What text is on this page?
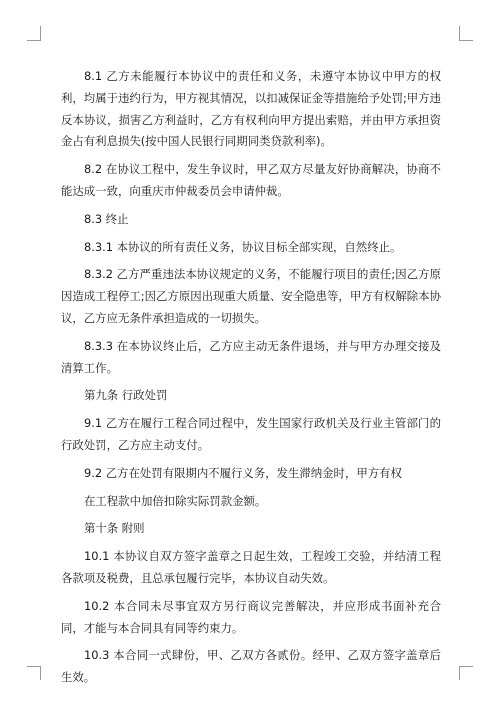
8.1 乙方未能履行本协议中的责任和义务，未遵守本协议中甲方的权利，均属于违约行为，甲方视其情况，以扣减保证金等措施给予处罚;甲方违反本协议，损害乙方利益时，乙方有权利向甲方提出索赔，并由甲方承担资金占有利息损失(按中国人民银行同期同类贷款利率)。

8.2 在协议工程中，发生争议时，甲乙双方尽量友好协商解决，协商不能达成一致，向重庆市仲裁委员会申请仲裁。

8.3 终止

8.3.1 本协议的所有责任义务，协议目标全部实现，自然终止。

8.3.2 乙方严重违法本协议规定的义务，不能履行项目的责任;因乙方原因造成工程停工;因乙方原因出现重大质量、安全隐患等，甲方有权解除本协议，乙方应无条件承担造成的一切损失。

8.3.3 在本协议终止后，乙方应主动无条件退场，并与甲方办理交接及清算工作。

第九条 行政处罚

9.1 乙方在履行工程合同过程中，发生国家行政机关及行业主管部门的行政处罚，乙方应主动支付。

9.2 乙方在处罚有限期内不履行义务，发生滞纳金时，甲方有权

在工程款中加倍扣除实际罚款金额。

第十条 附则

10.1 本协议自双方签字盖章之日起生效，工程竣工交验，并结清工程各款项及税费，且总承包履行完毕，本协议自动失效。

10.2 本合同未尽事宜双方另行商议完善解决，并应形成书面补充合同，才能与本合同具有同等约束力。

10.3 本合同一式肆份，甲、乙双方各贰份。经甲、乙双方签字盖章后生效。
